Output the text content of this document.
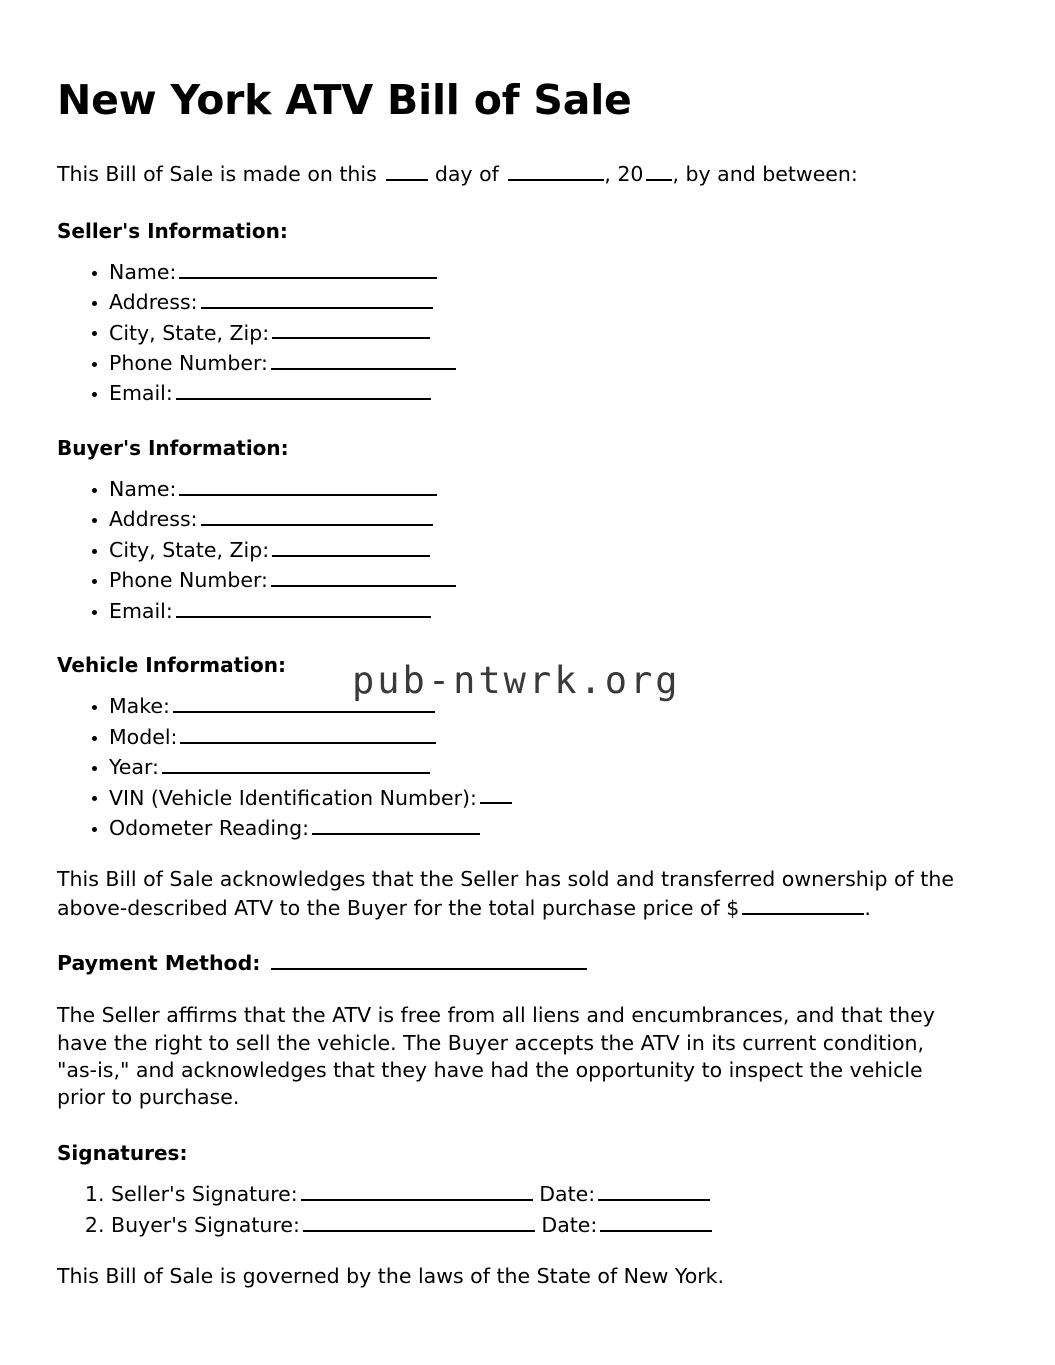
New York ATV Bill of Sale

This Bill of Sale is made on this	day of	, 20 , by and between:

Seller's Information:
• Name:
• Address:
• City, State, Zip:
• Phone Number:
• Email:
Buyer's Information:
• Name:
• Address:
• City, State, Zip:
• Phone Number:
• Email:
Vehicle Information:
• Make:
• Model:
• Year:
• VIN (Vehicle Identification Number):
• Odometer Reading:

This Bill of Sale acknowledges that the Seller has sold and transferred ownership of the above-described ATV to the Buyer for the total purchase price of $	.

Payment Method:

The Seller affirms that the ATV is free from all liens and encumbrances, and that they have the right to sell the vehicle. The Buyer accepts the ATV in its current condition, "as-is," and acknowledges that they have had the opportunity to inspect the vehicle prior to purchase.

Signatures:
1. Seller's Signature:	Date:
2. Buyer's Signature:	Date:

This Bill of Sale is governed by the laws of the State of New York.

pub-ntwrk.org
